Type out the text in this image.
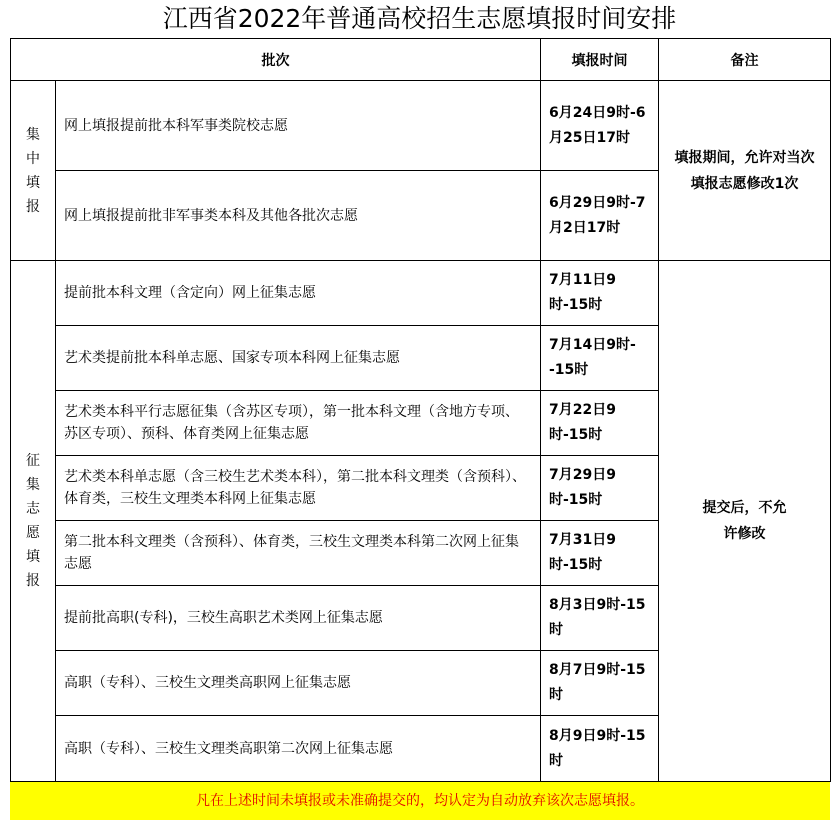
江西省2022年普通高校招生志愿填报时间安排
批次		填报时间	备注
集中填报	网上填报提前批本科军事类院校志愿	6月24日9时-6月25日17时	填报期间，允许对当次填报志愿修改1次

	网上填报提前批非军事类本科及其他各批次志愿	6月29日9时-7月2日17时	
征集志愿填报	提前批本科文理（含定向）网上征集志愿	7月11日9时-15时	提交后，不允许修改

	艺术类提前批本科单志愿、国家专项本科网上征集志愿	7月14日9时--15时	
	艺术类本科平行志愿征集（含苏区专项），第一批本科文理（含地方专项、苏区专项）、预科、体育类网上征集志愿	7月22日9时-15时	
	艺术类本科单志愿（含三校生艺术类本科），第二批本科文理类（含预科）、体育类，三校生文理类本科网上征集志愿	7月29日9时-15时	
	第二批本科文理类（含预科）、体育类，三校生文理类本科第二次网上征集志愿	7月31日9时-15时	
	提前批高职(专科)，三校生高职艺术类网上征集志愿	8月3日9时-15时	
	高职（专科）、三校生文理类高职网上征集志愿	8月7日9时-15时	
	高职（专科）、三校生文理类高职第二次网上征集志愿	8月9日9时-15时	
凡在上述时间未填报或未准确提交的，均认定为自动放弃该次志愿填报。
